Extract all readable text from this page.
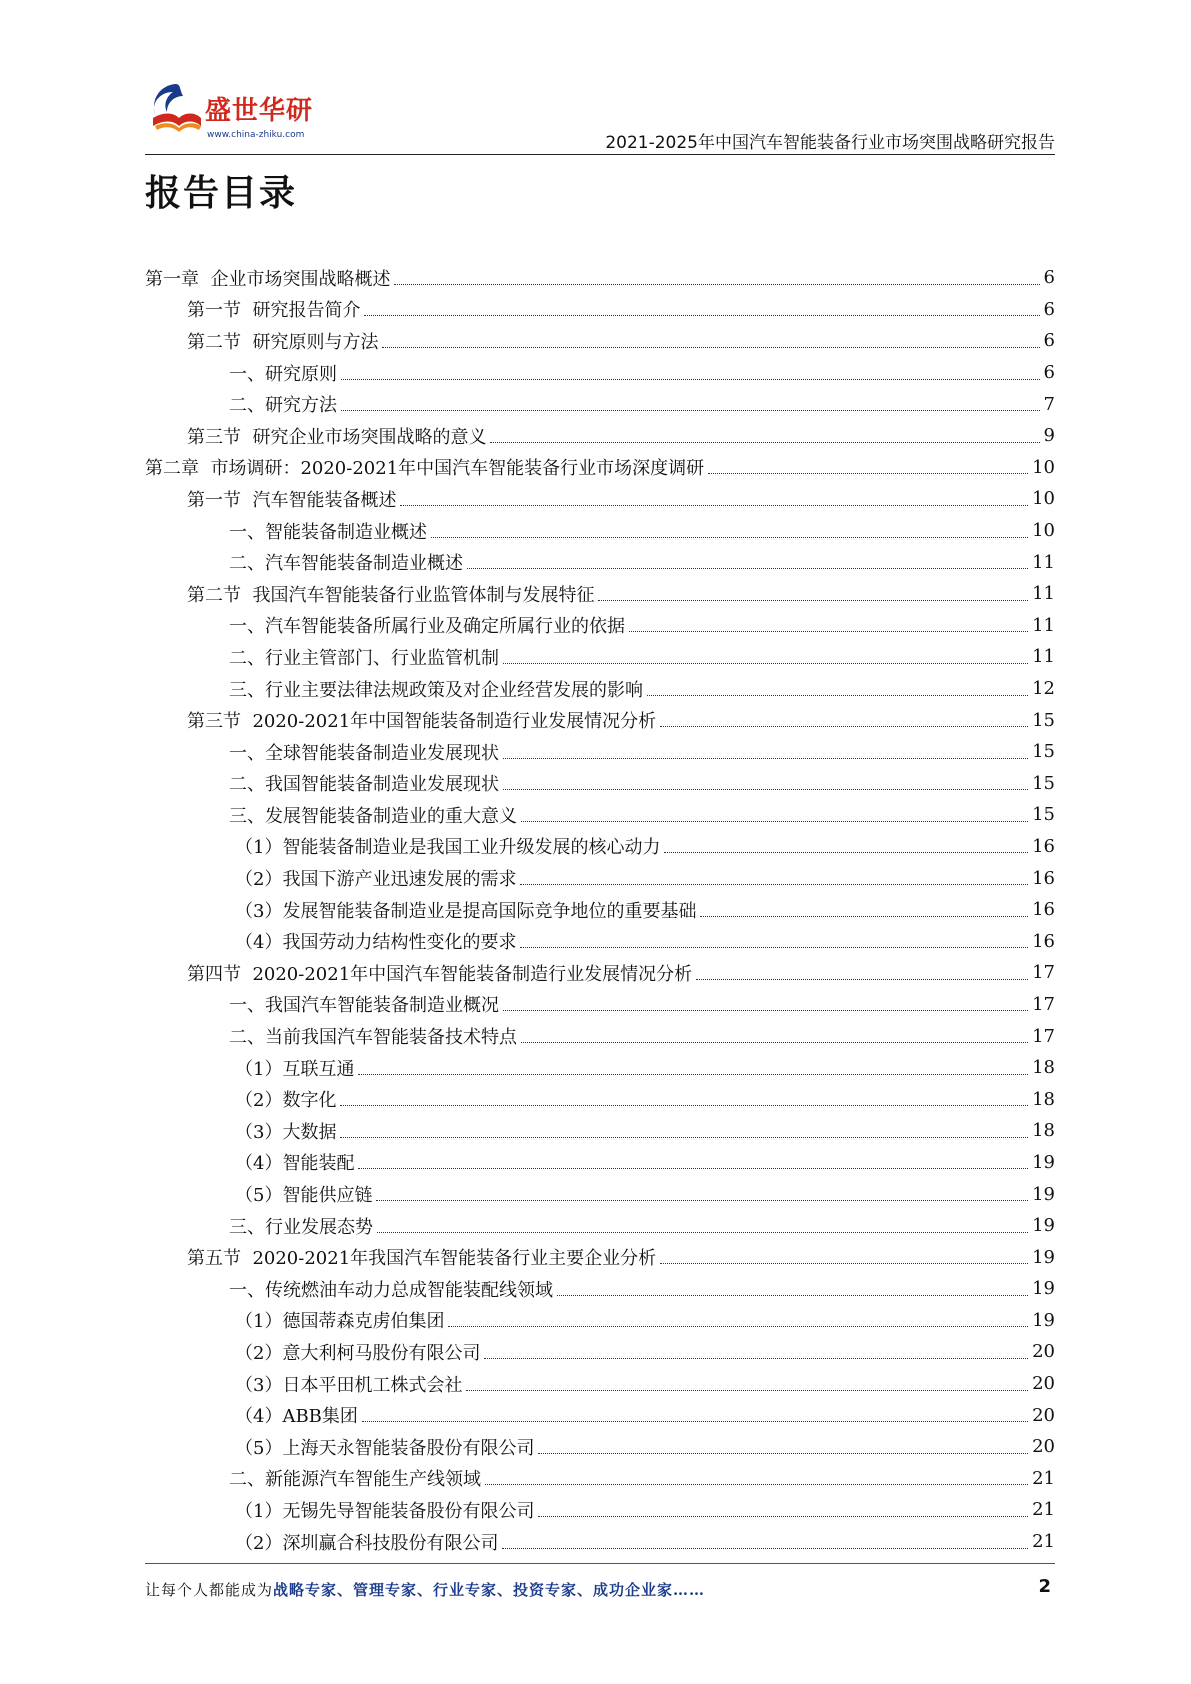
盛世华研
www.china-zhiku.com	2021-2025年中国汽车智能装备行业市场突围战略研究报告
报告目录
第一章  企业市场突围战略概述	6
第一节  研究报告简介	6
第二节  研究原则与方法	6
一、研究原则	6
二、研究方法	7
第三节  研究企业市场突围战略的意义	9
第二章  市场调研：2020-2021年中国汽车智能装备行业市场深度调研	10
第一节  汽车智能装备概述	10
一、智能装备制造业概述	10
二、汽车智能装备制造业概述	11
第二节  我国汽车智能装备行业监管体制与发展特征	11
一、汽车智能装备所属行业及确定所属行业的依据	11
二、行业主管部门、行业监管机制	11
三、行业主要法律法规政策及对企业经营发展的影响	12
第三节  2020-2021年中国智能装备制造行业发展情况分析	15
一、全球智能装备制造业发展现状	15
二、我国智能装备制造业发展现状	15
三、发展智能装备制造业的重大意义	15
（1）智能装备制造业是我国工业升级发展的核心动力	16
（2）我国下游产业迅速发展的需求	16
（3）发展智能装备制造业是提高国际竞争地位的重要基础	16
（4）我国劳动力结构性变化的要求	16
第四节  2020-2021年中国汽车智能装备制造行业发展情况分析	17
一、我国汽车智能装备制造业概况	17
二、当前我国汽车智能装备技术特点	17
（1）互联互通	18
（2）数字化	18
（3）大数据	18
（4）智能装配	19
（5）智能供应链	19
三、行业发展态势	19
第五节  2020-2021年我国汽车智能装备行业主要企业分析	19
一、传统燃油车动力总成智能装配线领域	19
（1）德国蒂森克虏伯集团	19
（2）意大利柯马股份有限公司	20
（3）日本平田机工株式会社	20
（4）ABB集团	20
（5）上海天永智能装备股份有限公司	20
二、新能源汽车智能生产线领域	21
（1）无锡先导智能装备股份有限公司	21
（2）深圳赢合科技股份有限公司	21
让每个人都能成为战略专家、管理专家、行业专家、投资专家、成功企业家……	2
